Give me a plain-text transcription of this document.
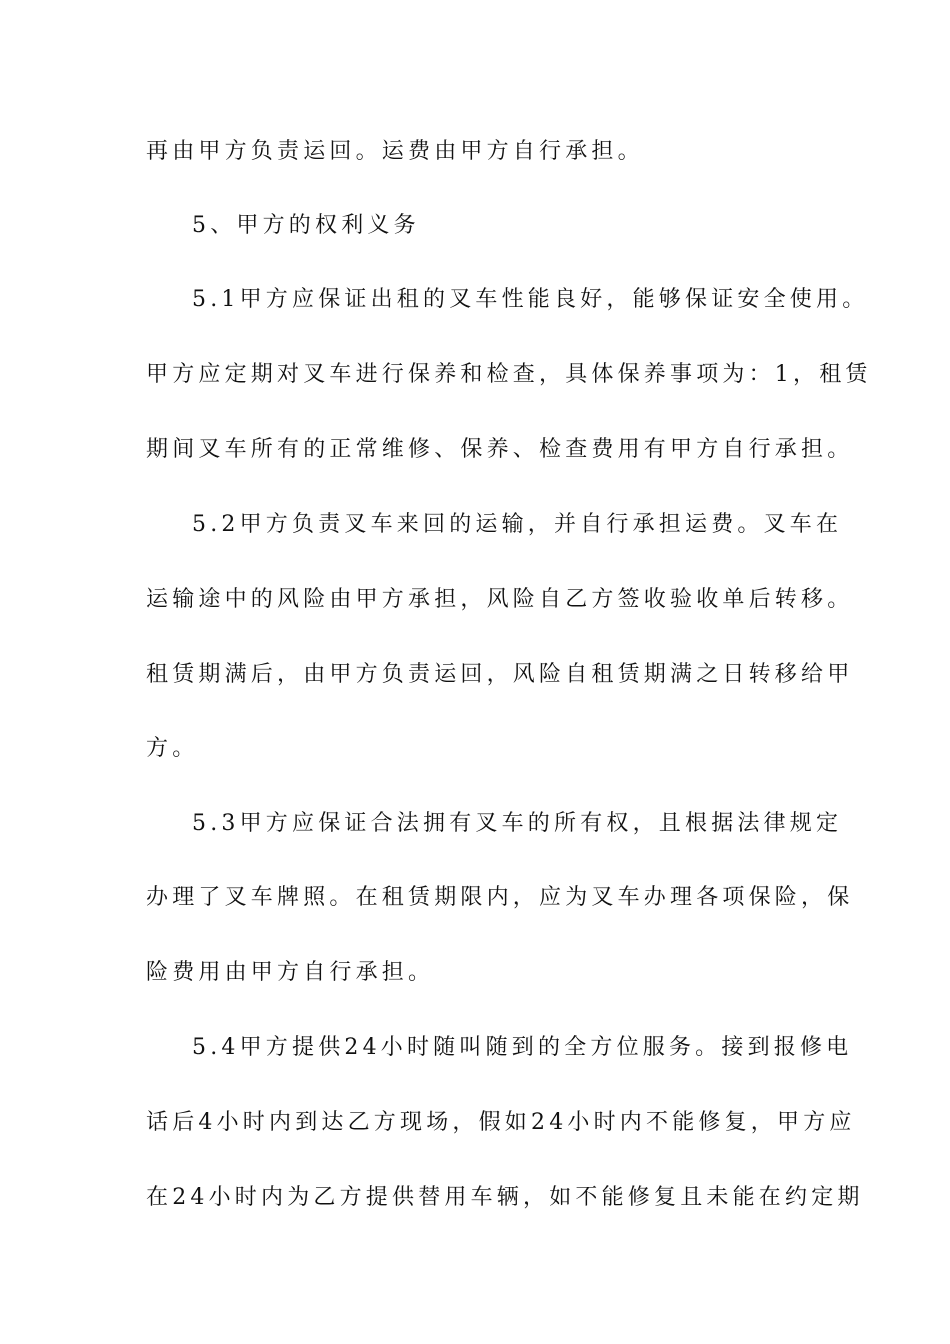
再由甲方负责运回。运费由甲方自行承担。
5、甲方的权利义务
5.1甲方应保证出租的叉车性能良好，能够保证安全使用。
甲方应定期对叉车进行保养和检查，具体保养事项为：1，租赁
期间叉车所有的正常维修、保养、检查费用有甲方自行承担。
5.2甲方负责叉车来回的运输，并自行承担运费。叉车在
运输途中的风险由甲方承担，风险自乙方签收验收单后转移。
租赁期满后，由甲方负责运回，风险自租赁期满之日转移给甲
方。
5.3甲方应保证合法拥有叉车的所有权，且根据法律规定
办理了叉车牌照。在租赁期限内，应为叉车办理各项保险，保
险费用由甲方自行承担。
5.4甲方提供24小时随叫随到的全方位服务。接到报修电
话后4小时内到达乙方现场，假如24小时内不能修复，甲方应
在24小时内为乙方提供替用车辆，如不能修复且未能在约定期
